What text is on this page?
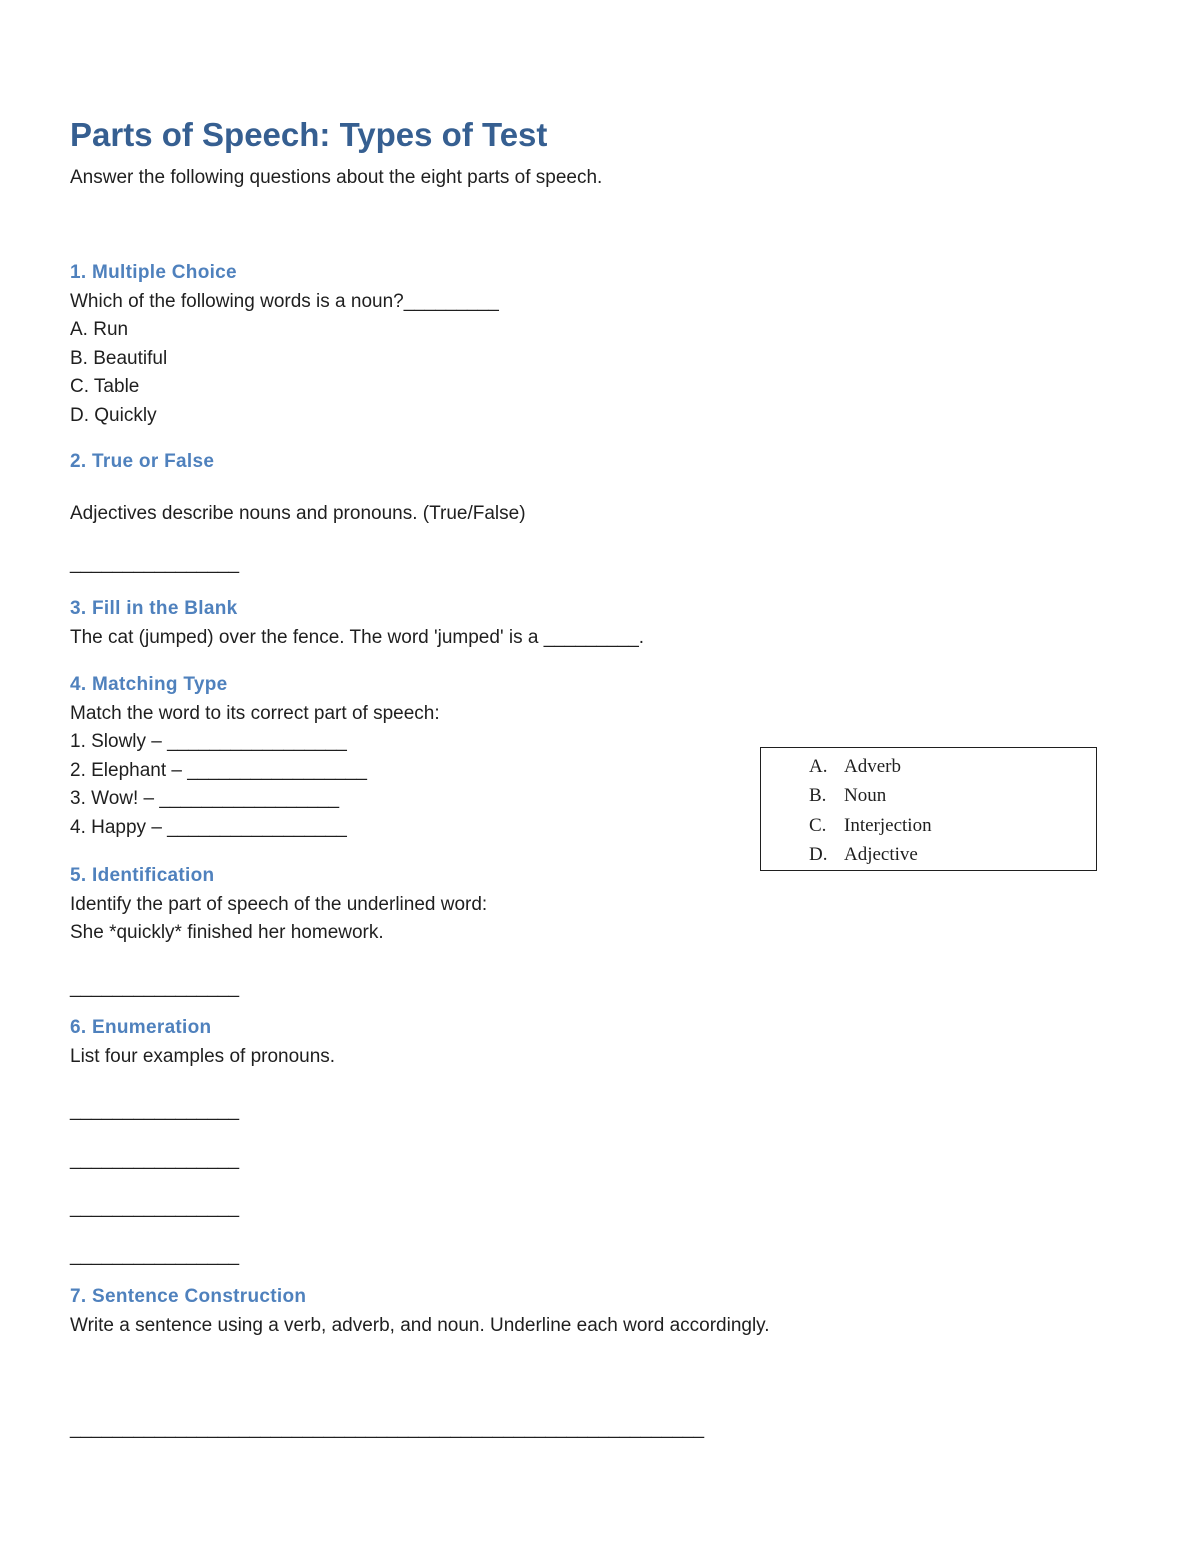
Parts of Speech: Types of Test
Answer the following questions about the eight parts of speech.
1. Multiple Choice
Which of the following words is a noun?_________
A. Run
B. Beautiful
C. Table
D. Quickly
2. True or False
Adjectives describe nouns and pronouns. (True/False)
________________
3. Fill in the Blank
The cat (jumped) over the fence. The word 'jumped' is a _________.
4. Matching Type
Match the word to its correct part of speech:
1. Slowly – _________________
2. Elephant – _________________
3. Wow! – _________________
4. Happy – _________________
A. Adverb
B. Noun
C. Interjection
D. Adjective
5. Identification
Identify the part of speech of the underlined word:
She *quickly* finished her homework.
________________
6. Enumeration
List four examples of pronouns.
________________
________________
________________
________________
7. Sentence Construction
Write a sentence using a verb, adverb, and noun. Underline each word accordingly.
____________________________________________________________
